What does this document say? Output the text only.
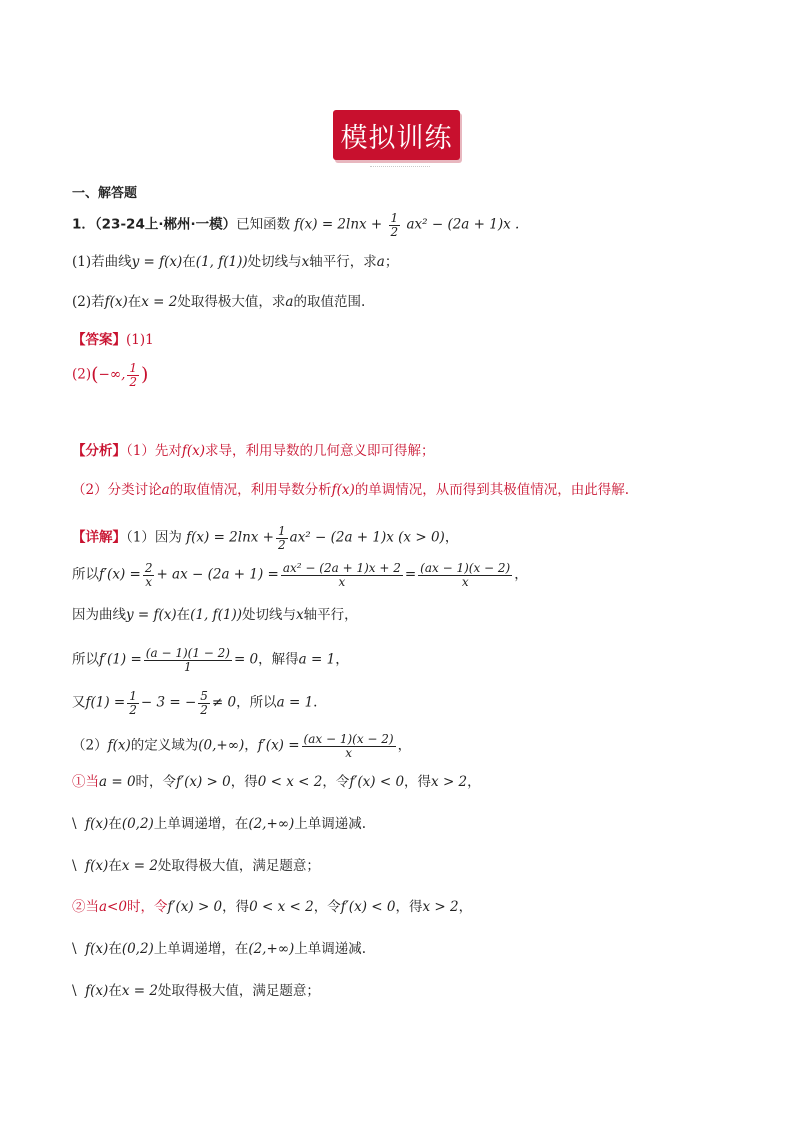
模拟训练
一、解答题
1．（23-24上·郴州·一模）已知函数 $f(x) = 2\ln x + \frac{1}{2} ax^2 - (2a + 1)x$ .
(1)若曲线y = f(x)在(1, f(1))处切线与x轴平行，求a；
(2)若f(x)在x = 2处取得极大值，求a的取值范围.
【答案】(1)1
(2)(−∞, $\frac{1}{2}$ )
【分析】（1）先对f(x)求导，利用导数的几何意义即可得解；
（2）分类讨论a的取值情况，利用导数分析f(x)的单调情况，从而得到其极值情况，由此得解.
【详解】（1）因为 $f(x) = 2\ln x + \frac{1}{2} ax^2 - (2a + 1)x$ (x > 0)，
所以$f'(x) = \frac{2}{x}$ + ax − $(2a + 1) = \frac{\text{ax² − (2a + 1)x + 2}}{x} = \frac{(ax - 1)(x - 2)}{x}$ ，
因为曲线y = f(x)在(1, f(1))处切线与x轴平行，
所以$f'(1) = \frac{(a - 1)(1 - 2)}{1} = 0$，解得a = 1，
又$f(1) = \frac{1}{2} - 3$ = − $\frac{5}{2} \ne 0$，所以a = 1.
（2）f(x)的定义域为(0,+∞)，$f'(x) = \frac{(ax - 1)(x - 2)}{x}$ ，
①当a = 0时，令f′(x) > 0，得0 < x < 2，令f′(x) < 0，得x > 2，
\ f(x)在(0,2)上单调递增，在(2,+∞)上单调递减.
\ f(x)在x = 2处取得极大值，满足题意；
②当a<0时，令f′(x) > 0，得0 < x < 2，令f′(x) < 0，得x > 2，
\ f(x)在(0,2)上单调递增，在(2,+∞)上单调递减.
\ f(x)在x = 2处取得极大值，满足题意；
